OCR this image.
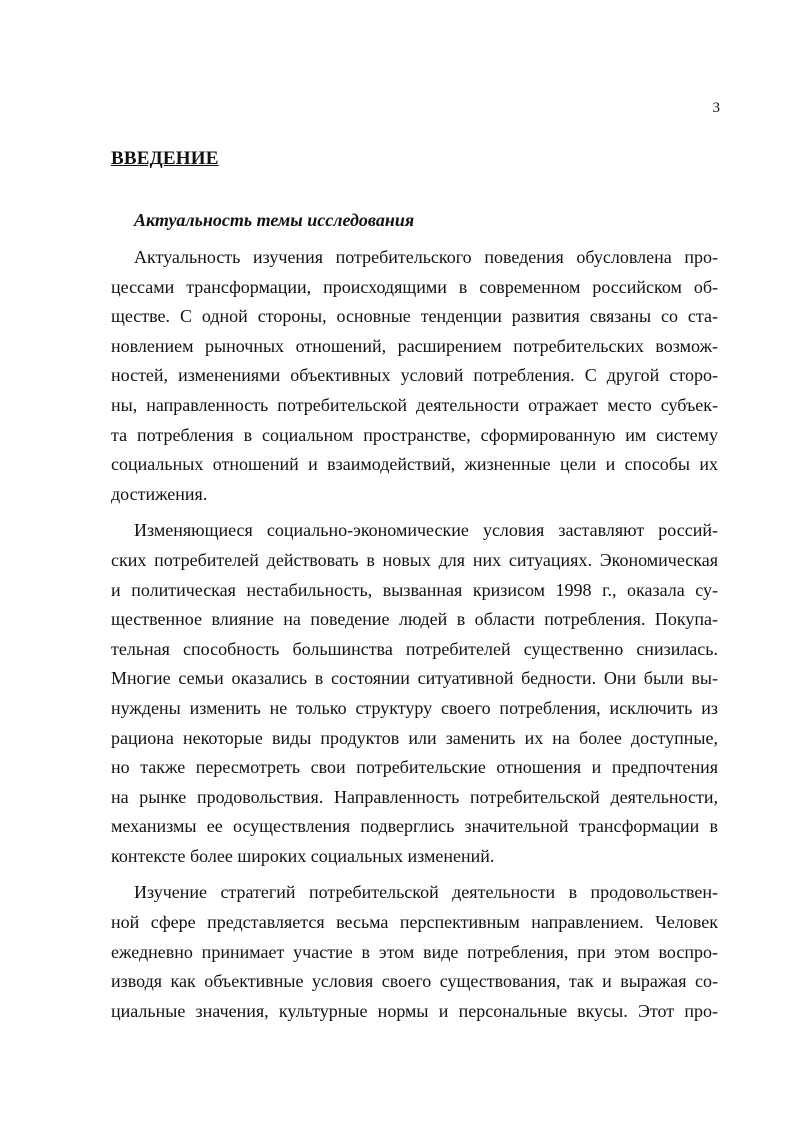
3
ВВЕДЕНИЕ
Актуальность темы исследования
Актуальность изучения потребительского поведения обусловлена про-
цессами трансформации, происходящими в современном российском об-
ществе. С одной стороны, основные тенденции развития связаны со ста-
новлением рыночных отношений, расширением потребительских возмож-
ностей, изменениями объективных условий потребления. С другой сторо-
ны, направленность потребительской деятельности отражает место субъек-
та потребления в социальном пространстве, сформированную им систему
социальных отношений и взаимодействий, жизненные цели и способы их
достижения.
Изменяющиеся социально-экономические условия заставляют россий-
ских потребителей действовать в новых для них ситуациях. Экономическая
и политическая нестабильность, вызванная кризисом 1998 г., оказала су-
щественное влияние на поведение людей в области потребления. Покупа-
тельная способность большинства потребителей существенно снизилась.
Многие семьи оказались в состоянии ситуативной бедности. Они были вы-
нуждены изменить не только структуру своего потребления, исключить из
рациона некоторые виды продуктов или заменить их на более доступные,
но также пересмотреть свои потребительские отношения и предпочтения
на рынке продовольствия. Направленность потребительской деятельности,
механизмы ее осуществления подверглись значительной трансформации в
контексте более широких социальных изменений.
Изучение стратегий потребительской деятельности в продовольствен-
ной сфере представляется весьма перспективным направлением. Человек
ежедневно принимает участие в этом виде потребления, при этом воспро-
изводя как объективные условия своего существования, так и выражая со-
циальные значения, культурные нормы и персональные вкусы. Этот про-
